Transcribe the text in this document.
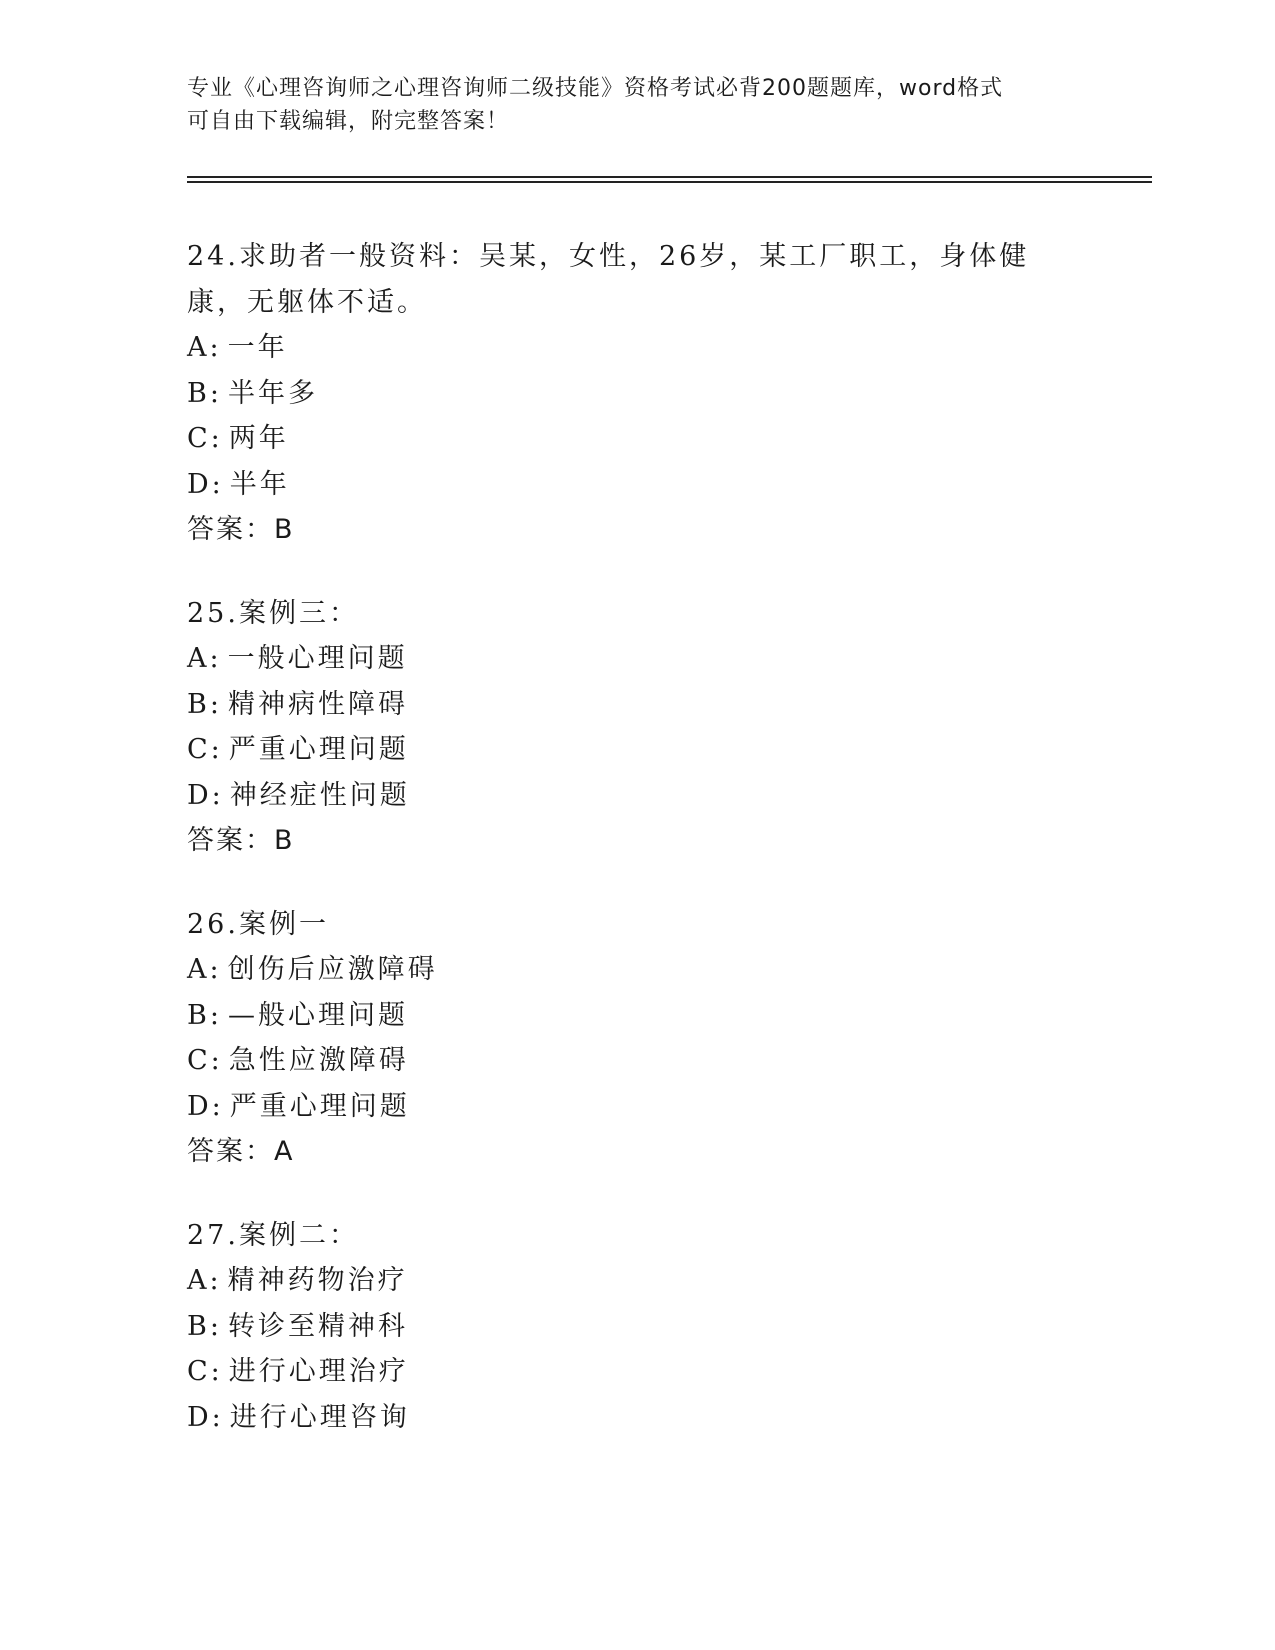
专业《心理咨询师之心理咨询师二级技能》资格考试必背200题题库，word格式
可自由下载编辑，附完整答案！
24.求助者一般资料：吴某，女性，26岁，某工厂职工，身体健康，无躯体不适。
A: 一年
B: 半年多
C: 两年
D: 半年
答案：B
25.案例三：
A: 一般心理问题
B: 精神病性障碍
C: 严重心理问题
D: 神经症性问题
答案：B
26.案例一
A: 创伤后应激障碍
B: —般心理问题
C: 急性应激障碍
D: 严重心理问题
答案：A
27.案例二：
A: 精神药物治疗
B: 转诊至精神科
C: 进行心理治疗
D: 进行心理咨询
